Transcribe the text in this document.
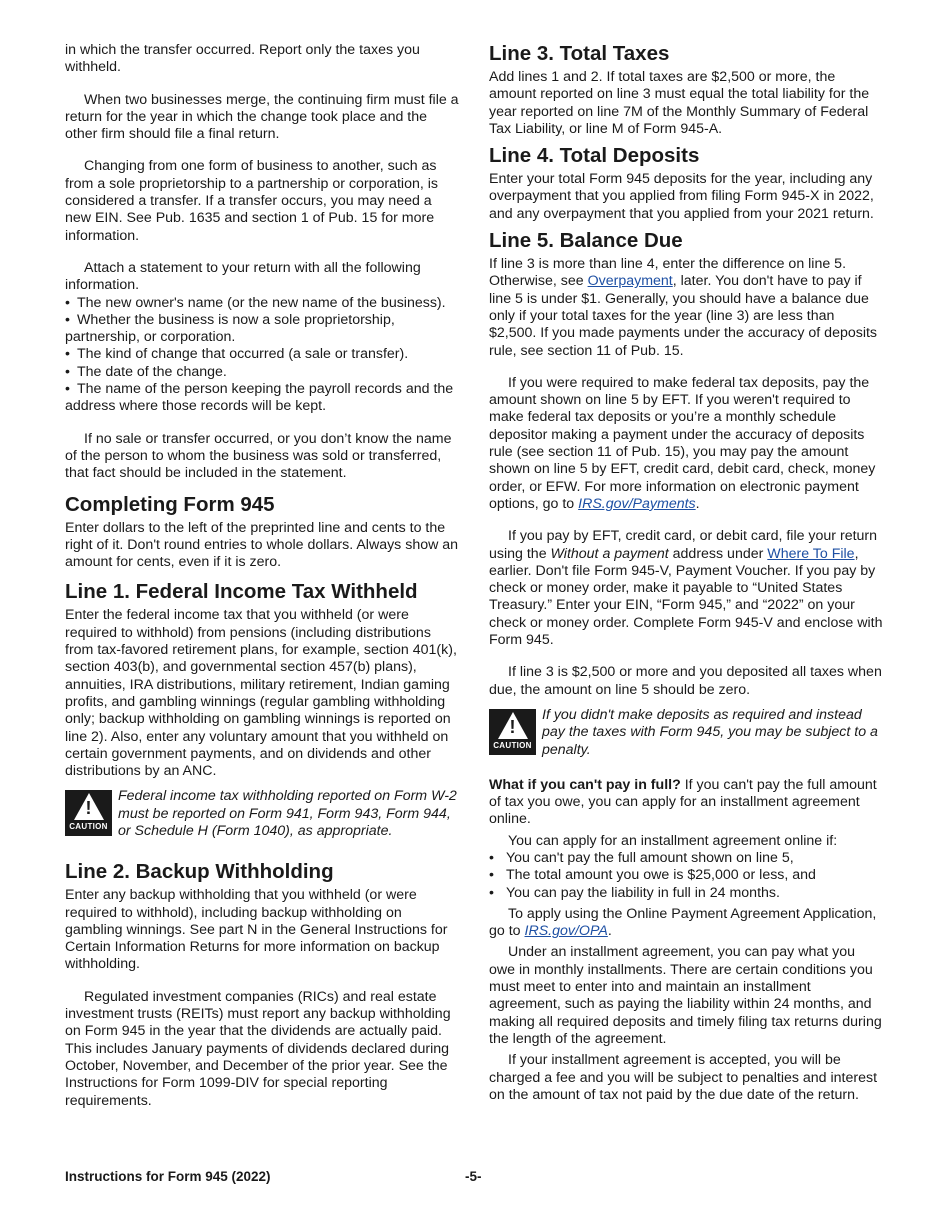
in which the transfer occurred. Report only the taxes you withheld.

When two businesses merge, the continuing firm must file a return for the year in which the change took place and the other firm should file a final return.

Changing from one form of business to another, such as from a sole proprietorship to a partnership or corporation, is considered a transfer. If a transfer occurs, you may need a new EIN. See Pub. 1635 and section 1 of Pub. 15 for more information.

Attach a statement to your return with all the following information.
• The new owner's name (or the new name of the business).
• Whether the business is now a sole proprietorship, partnership, or corporation.
• The kind of change that occurred (a sale or transfer).
• The date of the change.
• The name of the person keeping the payroll records and the address where those records will be kept.

If no sale or transfer occurred, or you don’t know the name of the person to whom the business was sold or transferred, that fact should be included in the statement.

Completing Form 945

Enter dollars to the left of the preprinted line and cents to the right of it. Don't round entries to whole dollars. Always show an amount for cents, even if it is zero.

Line 1. Federal Income Tax Withheld

Enter the federal income tax that you withheld (or were required to withhold) from pensions (including distributions from tax-favored retirement plans, for example, section 401(k), section 403(b), and governmental section 457(b) plans), annuities, IRA distributions, military retirement, Indian gaming profits, and gambling winnings (regular gambling withholding only; backup withholding on gambling winnings is reported on line 2). Also, enter any voluntary amount that you withheld on certain government payments, and on dividends and other distributions by an ANC.

!
CAUTION
Federal income tax withholding reported on Form W-2 must be reported on Form 941, Form 943, Form 944, or Schedule H (Form 1040), as appropriate.
Line 2. Backup Withholding

Enter any backup withholding that you withheld (or were required to withhold), including backup withholding on gambling winnings. See part N in the General Instructions for Certain Information Returns for more information on backup withholding.

Regulated investment companies (RICs) and real estate investment trusts (REITs) must report any backup withholding on Form 945 in the year that the dividends are actually paid. This includes January payments of dividends declared during October, November, and December of the prior year. See the Instructions for Form 1099-DIV for special reporting requirements.

Line 3. Total Taxes

Add lines 1 and 2. If total taxes are $2,500 or more, the amount reported on line 3 must equal the total liability for the year reported on line 7M of the Monthly Summary of Federal Tax Liability, or line M of Form 945-A.

Line 4. Total Deposits

Enter your total Form 945 deposits for the year, including any overpayment that you applied from filing Form 945-X in 2022, and any overpayment that you applied from your 2021 return.

Line 5. Balance Due

If line 3 is more than line 4, enter the difference on line 5. Otherwise, see Overpayment, later. You don't have to pay if line 5 is under $1. Generally, you should have a balance due only if your total taxes for the year (line 3) are less than $2,500. If you made payments under the accuracy of deposits rule, see section 11 of Pub. 15.

If you were required to make federal tax deposits, pay the amount shown on line 5 by EFT. If you weren't required to make federal tax deposits or you’re a monthly schedule depositor making a payment under the accuracy of deposits rule (see section 11 of Pub. 15), you may pay the amount shown on line 5 by EFT, credit card, debit card, check, money order, or EFW. For more information on electronic payment options, go to IRS.gov/Payments.

If you pay by EFT, credit card, or debit card, file your return using the Without a payment address under Where To File, earlier. Don't file Form 945-V, Payment Voucher. If you pay by check or money order, make it payable to “United States Treasury.” Enter your EIN, “Form 945,” and “2022” on your check or money order. Complete Form 945-V and enclose with Form 945.

If line 3 is $2,500 or more and you deposited all taxes when due, the amount on line 5 should be zero.

!
CAUTION
If you didn't make deposits as required and instead pay the taxes with Form 945, you may be subject to a penalty.

What if you can't pay in full? If you can't pay the full amount of tax you owe, you can apply for an installment agreement online.

You can apply for an installment agreement online if:
• You can't pay the full amount shown on line 5,
• The total amount you owe is $25,000 or less, and
• You can pay the liability in full in 24 months.

To apply using the Online Payment Agreement Application, go to IRS.gov/OPA.

Under an installment agreement, you can pay what you owe in monthly installments. There are certain conditions you must meet to enter into and maintain an installment agreement, such as paying the liability within 24 months, and making all required deposits and timely filing tax returns during the length of the agreement.

If your installment agreement is accepted, you will be charged a fee and you will be subject to penalties and interest on the amount of tax not paid by the due date of the return.

Instructions for Form 945 (2022)	-5-
